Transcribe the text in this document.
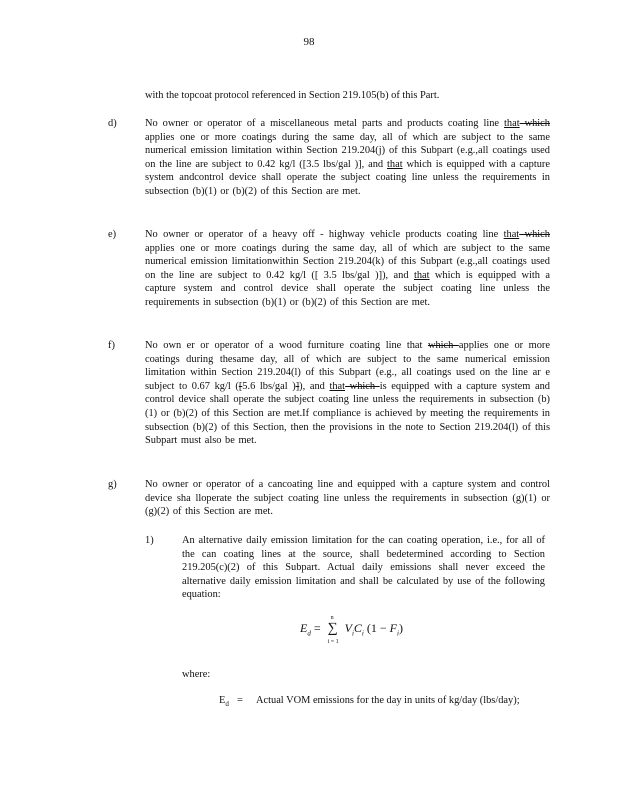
98
with the topcoat protocol referenced in Section 219.105(b) of this Part.
d)	No owner or operator of a miscellaneous metal parts and products coating line that which applies one or more coatings during the same day, all of which are subject to the same numerical emission limitation within Section 219.204(j) of this Subpart (e.g.,all coatings used on the line are subject to 0.42 kg/l ([3.5 lbs/gal )], and that which is equipped with a capture system andcontrol device shall operate the subject coating line unless the requirements in subsection (b)(1) or (b)(2) of this Section are met.
e)	No owner or operator of a heavy off - highway vehicle products coating line that which applies one or more coatings during the same day, all of which are subject to the same numerical emission limitationwithin Section 219.204(k) of this Subpart (e.g.,all coatings used on the line are subject to 0.42 kg/l ([ 3.5 lbs/gal )]), and that which is equipped with a capture system and control device shall operate the subject coating line unless the requirements in subsection (b)(1) or (b)(2) of this Section are met.
f)	No own er or operator of a wood furniture coating line that which applies one or more coatings during thesame day, all of which are subject to the same numerical emission limitation within Section 219.204(l) of this Subpart (e.g., all coatings used on the line ar e subject to 0.67 kg/l ([5.6 lbs/gal )]), and that which is equipped with a capture system and control device shall operate the subject coating line unless the requirements in subsection (b)(1) or (b)(2) of this Section are met.If compliance is achieved by meeting the requirements in subsection (b)(2) of this Section, then the provisions in the note to Section 219.204(l) of this Subpart must also be met.
g)	No owner or operator of a cancoating line and equipped with a capture system and control device sha lloperate the subject coating line unless the requirements in subsection (g)(1) or (g)(2) of this Section are met.
1)	An alternative daily emission limitation for the can coating operation, i.e., for all of the can coating lines at the source, shall bedetermined according to Section 219.205(c)(2) of this Subpart. Actual daily emissions shall never exceed the alternative daily emission limitation and shall be calculated by use of the following equation:
$E_d$ =
n
∑
i = 1
$V_iC_i$ $(1 - F_i)$
where:
$E_d$ = Actual VOM emissions for the day in units of kg/day (lbs/day);
